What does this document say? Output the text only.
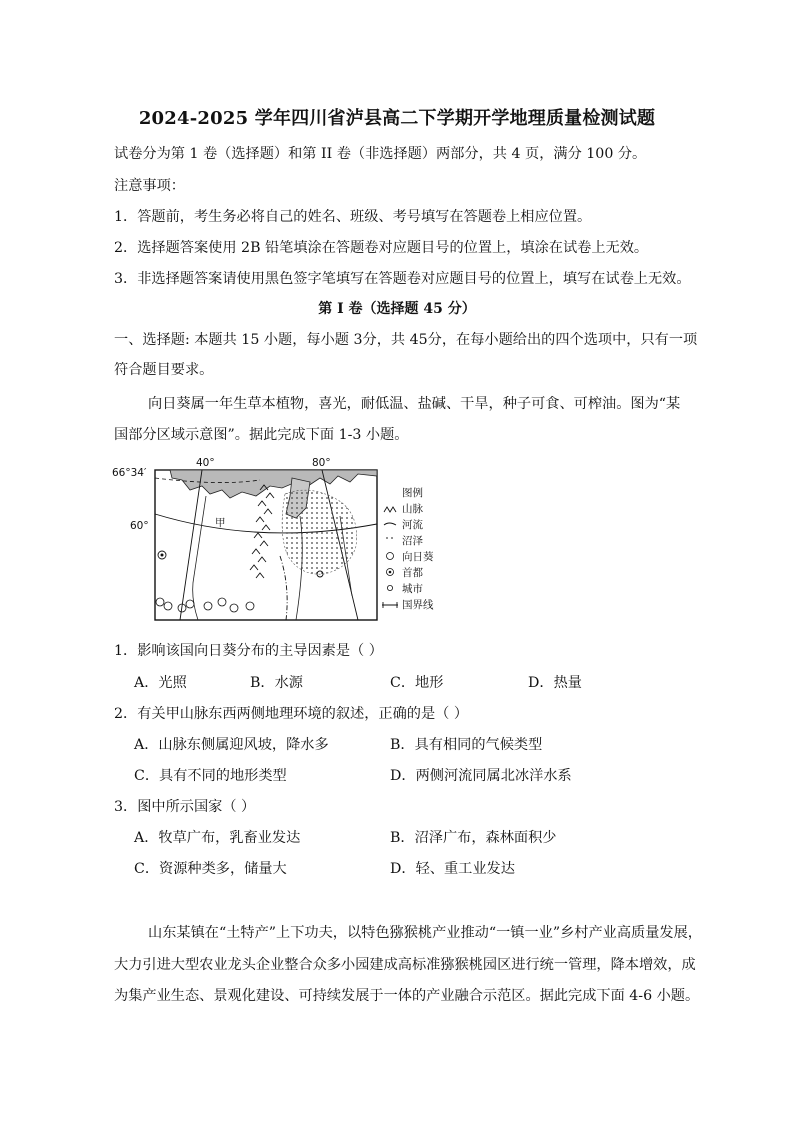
2024-2025 学年四川省泸县高二下学期开学地理质量检测试题
试卷分为第 1 卷（选择题）和第 II 卷（非选择题）两部分，共 4 页，满分 100 分。
注意事项：
1．答题前，考生务必将自己的姓名、班级、考号填写在答题卷上相应位置。
2．选择题答案使用 2B 铅笔填涂在答题卷对应题目号的位置上，填涂在试卷上无效。
3．非选择题答案请使用黑色签字笔填写在答题卷对应题目号的位置上，填写在试卷上无效。
第 I 卷（选择题 45 分）
一、选择题: 本题共 15 小题，每小题 3分，共 45分，在每小题给出的四个选项中，只有一项
符合题目要求。
向日葵属一年生草本植物，喜光，耐低温、盐碱、干旱，种子可食、可榨油。图为“某
国部分区域示意图”。据此完成下面 1-3 小题。
66°34′
60°
40°	80°
甲
图例
山脉
河流
沼泽
向日葵
首都
城市
国界线
1．影响该国向日葵分布的主导因素是（ ）
A．光照	B．水源	C．地形	D．热量
2．有关甲山脉东西两侧地理环境的叙述，正确的是（ ）
A．山脉东侧属迎风坡，降水多	B．具有相同的气候类型
C．具有不同的地形类型	D．两侧河流同属北冰洋水系
3．图中所示国家（ ）
A．牧草广布，乳畜业发达	B．沼泽广布，森林面积少
C．资源种类多，储量大	D．轻、重工业发达
山东某镇在“土特产”上下功夫，以特色猕猴桃产业推动“一镇一业”乡村产业高质量发展，
大力引进大型农业龙头企业整合众多小园建成高标准猕猴桃园区进行统一管理，降本增效，成
为集产业生态、景观化建设、可持续发展于一体的产业融合示范区。据此完成下面 4-6 小题。
